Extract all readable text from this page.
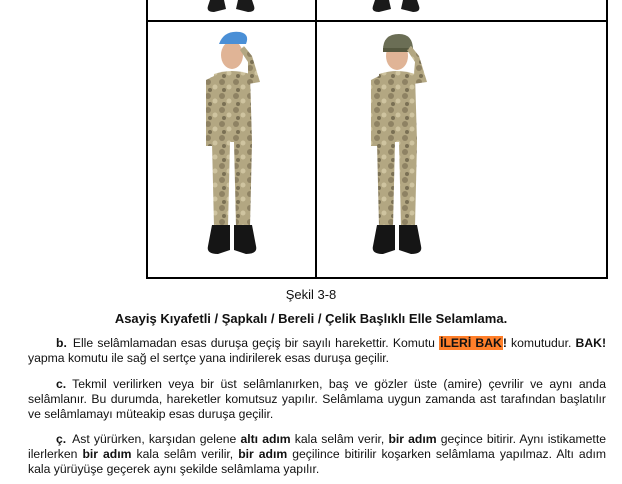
Şekil 3-8
Asayiş Kıyafetli / Şapkalı / Bereli / Çelik Başlıklı Elle Selamlama.
b. Elle selâmlamadan esas duruşa geçiş bir sayılı harekettir. Komutu İLERİ BAK! komutudur. BAK! yapma komutu ile sağ el sertçe yana indirilerek esas duruşa geçilir.
c. Tekmil verilirken veya bir üst selâmlanırken, baş ve gözler üste (amire) çevrilir ve aynı anda selâmlanır. Bu durumda, hareketler komutsuz yapılır. Selâmlama uygun zamanda ast tarafından başlatılır ve selâmlamayı müteakip esas duruşa geçilir.
ç. Ast yürürken, karşıdan gelene altı adım kala selâm verir, bir adım geçince bitirir. Aynı istikamette ilerlerken bir adım kala selâm verilir, bir adım geçilince bitirilir koşarken selâmlama yapılmaz. Altı adım kala yürüyüşe geçerek aynı şekilde selâmlama yapılır.
